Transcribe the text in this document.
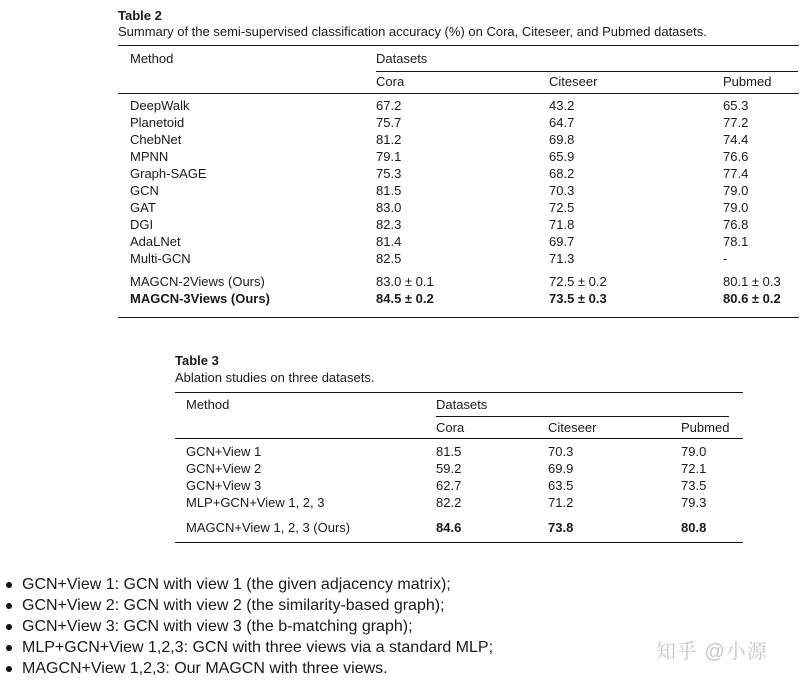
Table 2
Summary of the semi-supervised classification accuracy (%) on Cora, Citeseer, and Pubmed datasets.
Method	Datasets
Cora	Citeseer	Pubmed
DeepWalk	67.2	43.2	65.3
Planetoid	75.7	64.7	77.2
ChebNet	81.2	69.8	74.4
MPNN	79.1	65.9	76.6
Graph-SAGE	75.3	68.2	77.4
GCN	81.5	70.3	79.0
GAT	83.0	72.5	79.0
DGI	82.3	71.8	76.8
AdaLNet	81.4	69.7	78.1
Multi-GCN	82.5	71.3	-

MAGCN-2Views (Ours)	83.0 ± 0.1	72.5 ± 0.2	80.1 ± 0.3
MAGCN-3Views (Ours)	84.5 ± 0.2	73.5 ± 0.3	80.6 ± 0.2
Table 3
Ablation studies on three datasets.
Method	Datasets
Cora	Citeseer	Pubmed
GCN+View 1	81.5	70.3	79.0
GCN+View 2	59.2	69.9	72.1
GCN+View 3	62.7	63.5	73.5
MLP+GCN+View 1, 2, 3	82.2	71.2	79.3

MAGCN+View 1, 2, 3 (Ours)	84.6	73.8	80.8
GCN+View 1: GCN with view 1 (the given adjacency matrix);
GCN+View 2: GCN with view 2 (the similarity-based graph);
GCN+View 3: GCN with view 3 (the b-matching graph);
MLP+GCN+View 1,2,3: GCN with three views via a standard MLP;
MAGCN+View 1,2,3: Our MAGCN with three views.
知乎 @小源
